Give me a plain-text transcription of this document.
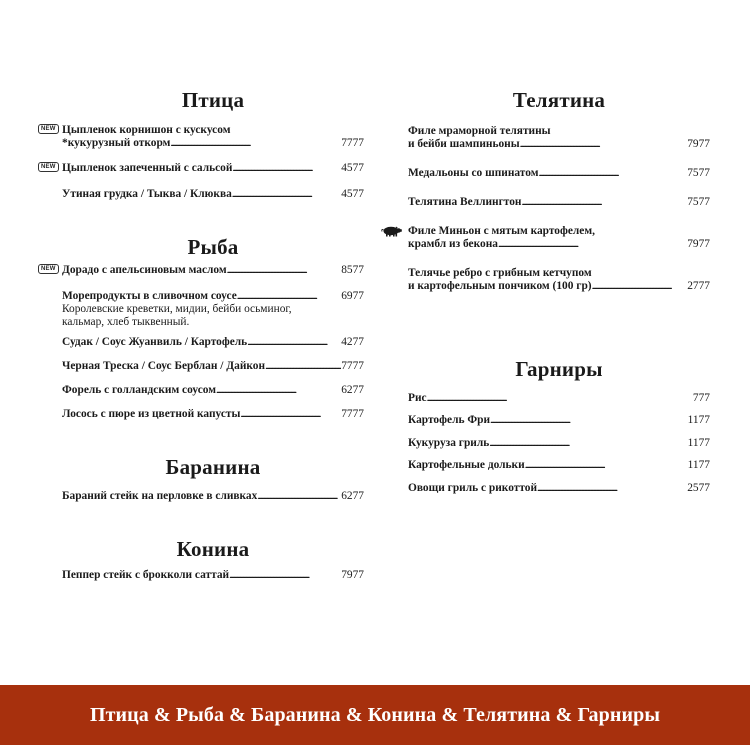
Птица
NEW Цыпленок корнишон с кускусом
*кукурузный откорм . . .	7777
NEW Цыпленок запеченный с сальсой . . .	4577
Утиная грудка / Тыква / Клюква . . .	4577
Рыба
NEW Дорадо с апельсиновым маслом . . .	8577
Морепродукты в сливочном соусе . . .	6977
Королевские креветки, мидии, бейби осьминог,
кальмар, хлеб тыквенный.
Судак / Соус Жуанвиль / Картофель . . .	4277
Черная Треска / Соус Берблан / Дайкон . . .	7777
Форель с голландским соусом . . .	6277
Лосось с пюре из цветной капусты . . .	7777
Баранина
Бараний стейк на перловке в сливках . . .	6277
Конина
Пеппер стейк с брокколи саттай . . .	7977
Телятина
Филе мраморной телятины
и бейби шампиньоны . . .	7977
Медальоны со шпинатом . . .	7577
Телятина Веллингтон . . .	7577
Филе Миньон с мятым картофелем,
крамбл из бекона . . .	7977
Телячье ребро с грибным кетчупом
и картофельным пончиком (100 гр) . . .	2777
Гарниры
Рис . . .	777
Картофель Фри . . .	1177
Кукуруза гриль . . .	1177
Картофельные дольки . . .	1177
Овощи гриль с рикоттой . . .	2577
Птица & Рыба & Баранина & Конина & Телятина & Гарниры
